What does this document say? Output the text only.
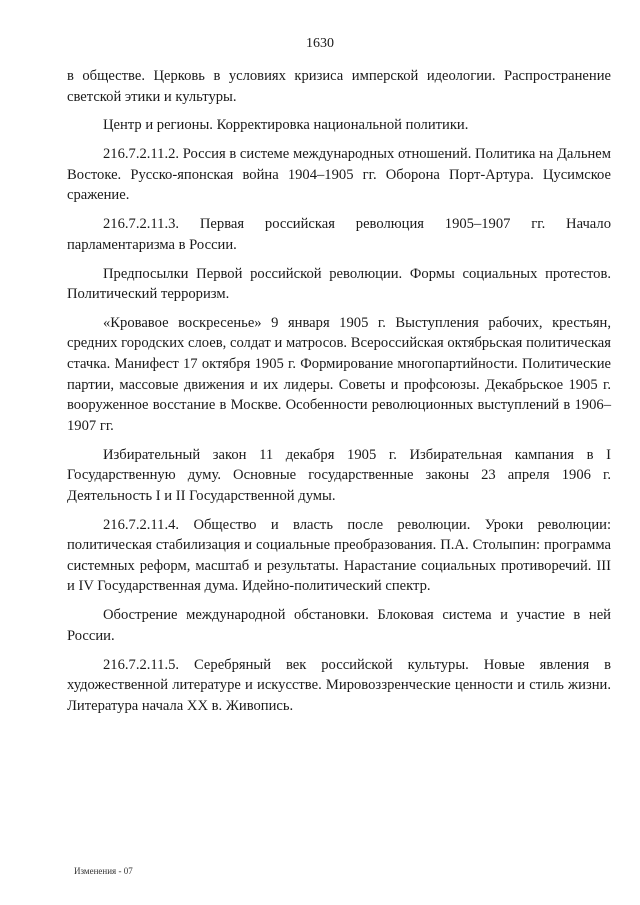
1630

в обществе. Церковь в условиях кризиса имперской идеологии. Распространение светской этики и культуры.

Центр и регионы. Корректировка национальной политики.

216.7.2.11.2. Россия в системе международных отношений. Политика на Дальнем Востоке. Русско-японская война 1904–1905 гг. Оборона Порт-Артура. Цусимское сражение.

216.7.2.11.3. Первая российская революция 1905–1907 гг. Начало парламентаризма в России.

Предпосылки Первой российской революции. Формы социальных протестов. Политический терроризм.

«Кровавое воскресенье» 9 января 1905 г. Выступления рабочих, крестьян, средних городских слоев, солдат и матросов. Всероссийская октябрьская политическая стачка. Манифест 17 октября 1905 г. Формирование многопартийности. Политические партии, массовые движения и их лидеры. Советы и профсоюзы. Декабрьское 1905 г. вооруженное восстание в Москве. Особенности революционных выступлений в 1906–1907 гг.

Избирательный закон 11 декабря 1905 г. Избирательная кампания в I Государственную думу. Основные государственные законы 23 апреля 1906 г. Деятельность I и II Государственной думы.

216.7.2.11.4. Общество и власть после революции. Уроки революции: политическая стабилизация и социальные преобразования. П.А. Столыпин: программа системных реформ, масштаб и результаты. Нарастание социальных противоречий. III и IV Государственная дума. Идейно-политический спектр.

Обострение международной обстановки. Блоковая система и участие в ней России.

216.7.2.11.5. Серебряный век российской культуры. Новые явления в художественной литературе и искусстве. Мировоззренческие ценности и стиль жизни. Литература начала XX в. Живопись.

Изменения - 07
